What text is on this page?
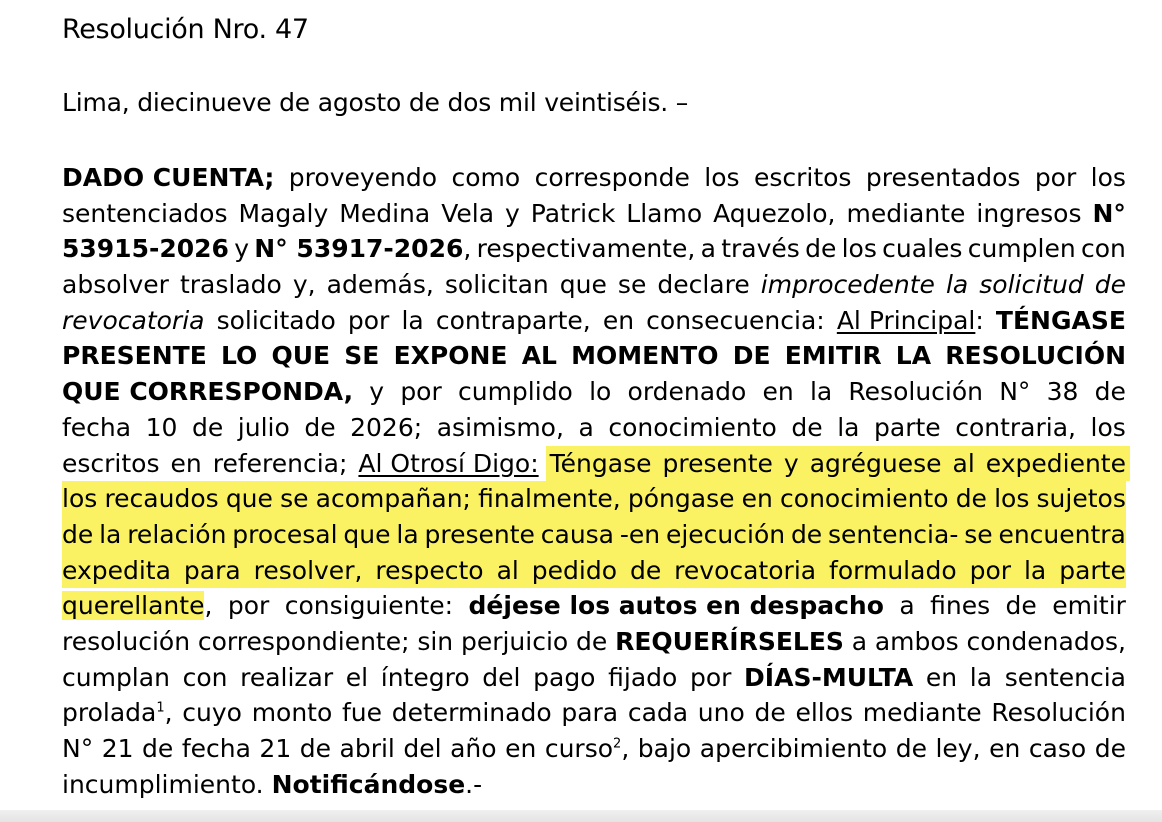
Resolución Nro. 47
Lima, diecinueve de agosto de dos mil veintiséis. –
DADO CUENTA; proveyendo como corresponde los escritos presentados por los
sentenciados Magaly Medina Vela y Patrick Llamo Aquezolo, mediante ingresos N°
53915-2026 y N° 53917-2026, respectivamente, a través de los cuales cumplen con
absolver traslado y, además, solicitan que se declare improcedente la solicitud de
revocatoria solicitado por la contraparte, en consecuencia: Al Principal: TÉNGASE
PRESENTE LO QUE SE EXPONE AL MOMENTO DE EMITIR LA RESOLUCIÓN
QUE CORRESPONDA, y por cumplido lo ordenado en la Resolución N° 38 de
fecha 10 de julio de 2026; asimismo, a conocimiento de la parte contraria, los
escritos en referencia; Al Otrosí Digo: Téngase presente y agréguese al expediente
los recaudos que se acompañan; finalmente, póngase en conocimiento de los sujetos
de la relación procesal que la presente causa -en ejecución de sentencia- se encuentra
expedita para resolver, respecto al pedido de revocatoria formulado por la parte
querellante, por consiguiente: déjese los autos en despacho a fines de emitir
resolución correspondiente; sin perjuicio de REQUERÍRSELES a ambos condenados,
cumplan con realizar el íntegro del pago fijado por DÍAS-MULTA en la sentencia
prolada$^1$, cuyo monto fue determinado para cada uno de ellos mediante Resolución
N° 21 de fecha 21 de abril del año en curso$^2$, bajo apercibimiento de ley, en caso de
incumplimiento. Notificándose.-
